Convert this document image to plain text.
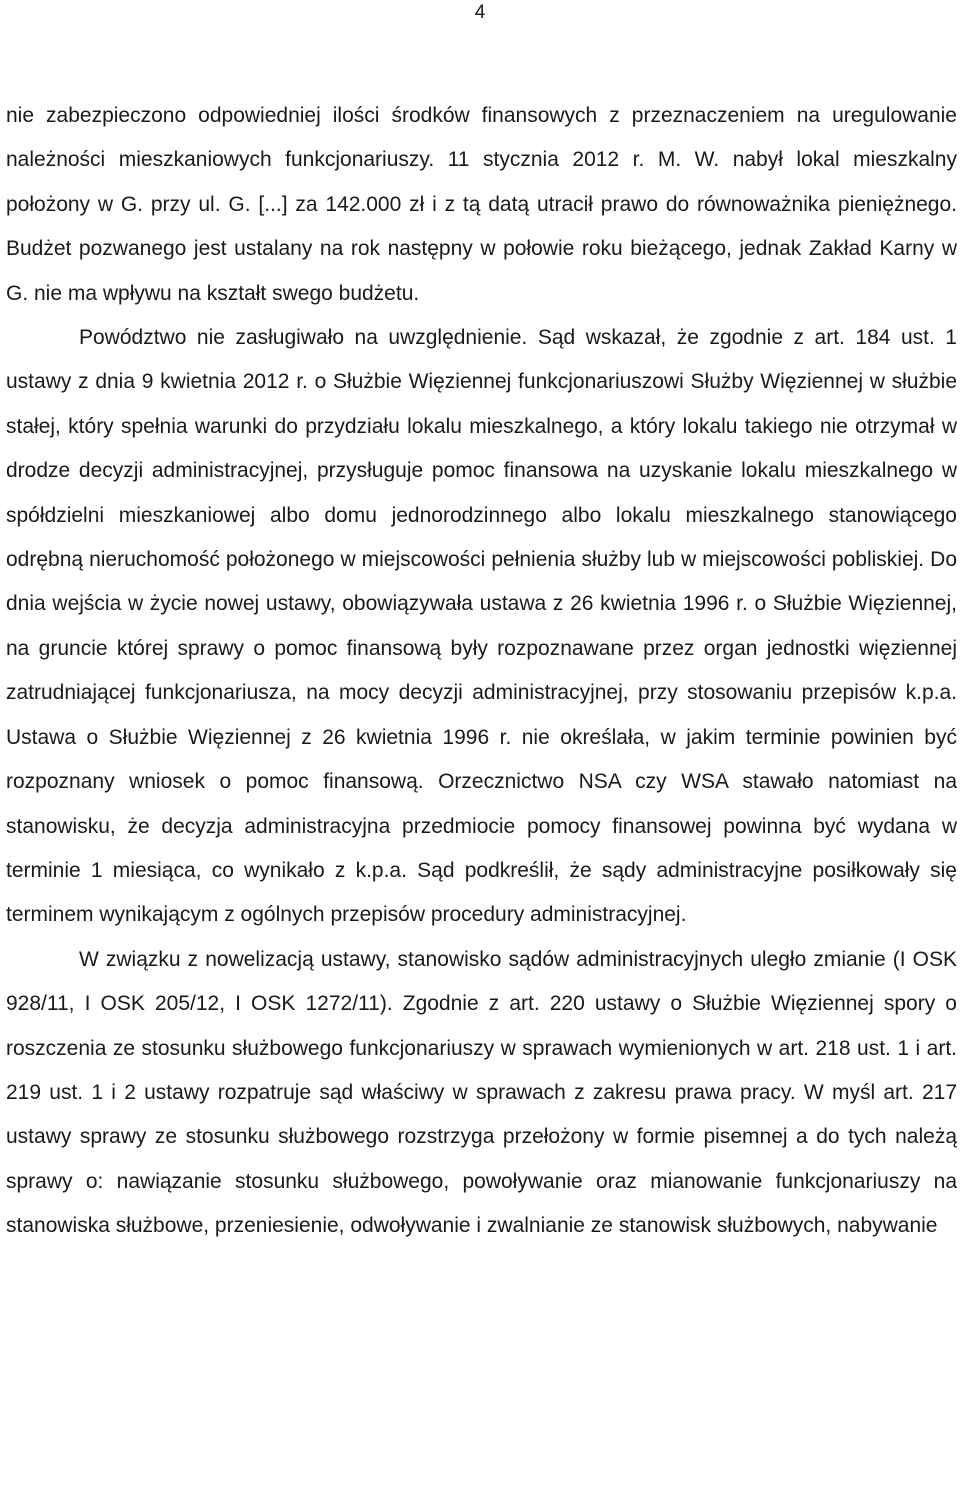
4

nie zabezpieczono odpowiedniej ilości środków finansowych z przeznaczeniem na uregulowanie należności mieszkaniowych funkcjonariuszy. 11 stycznia 2012 r. M. W. nabył lokal mieszkalny położony w G. przy ul. G. [...] za 142.000 zł i z tą datą utracił prawo do równoważnika pieniężnego. Budżet pozwanego jest ustalany na rok następny w połowie roku bieżącego, jednak Zakład Karny w G. nie ma wpływu na kształt swego budżetu.

Powództwo nie zasługiwało na uwzględnienie. Sąd wskazał, że zgodnie z art. 184 ust. 1 ustawy z dnia 9 kwietnia 2012 r. o Służbie Więziennej funkcjonariuszowi Służby Więziennej w służbie stałej, który spełnia warunki do przydziału lokalu mieszkalnego, a który lokalu takiego nie otrzymał w drodze decyzji administracyjnej, przysługuje pomoc finansowa na uzyskanie lokalu mieszkalnego w spółdzielni mieszkaniowej albo domu jednorodzinnego albo lokalu mieszkalnego stanowiącego odrębną nieruchomość położonego w miejscowości pełnienia służby lub w miejscowości pobliskiej. Do dnia wejścia w życie nowej ustawy, obowiązywała ustawa z 26 kwietnia 1996 r. o Służbie Więziennej, na gruncie której sprawy o pomoc finansową były rozpoznawane przez organ jednostki więziennej zatrudniającej funkcjonariusza, na mocy decyzji administracyjnej, przy stosowaniu przepisów k.p.a. Ustawa o Służbie Więziennej z 26 kwietnia 1996 r. nie określała, w jakim terminie powinien być rozpoznany wniosek o pomoc finansową. Orzecznictwo NSA czy WSA stawało natomiast na stanowisku, że decyzja administracyjna przedmiocie pomocy finansowej powinna być wydana w terminie 1 miesiąca, co wynikało z k.p.a. Sąd podkreślił, że sądy administracyjne posiłkowały się terminem wynikającym z ogólnych przepisów procedury administracyjnej.

W związku z nowelizacją ustawy, stanowisko sądów administracyjnych uległo zmianie (I OSK 928/11, I OSK 205/12, I OSK 1272/11). Zgodnie z art. 220 ustawy o Służbie Więziennej spory o roszczenia ze stosunku służbowego funkcjonariuszy w sprawach wymienionych w art. 218 ust. 1 i art. 219 ust. 1 i 2 ustawy rozpatruje sąd właściwy w sprawach z zakresu prawa pracy. W myśl art. 217 ustawy sprawy ze stosunku służbowego rozstrzyga przełożony w formie pisemnej a do tych należą sprawy o: nawiązanie stosunku służbowego, powoływanie oraz mianowanie funkcjonariuszy na stanowiska służbowe, przeniesienie, odwoływanie i zwalnianie ze stanowisk służbowych, nabywanie
